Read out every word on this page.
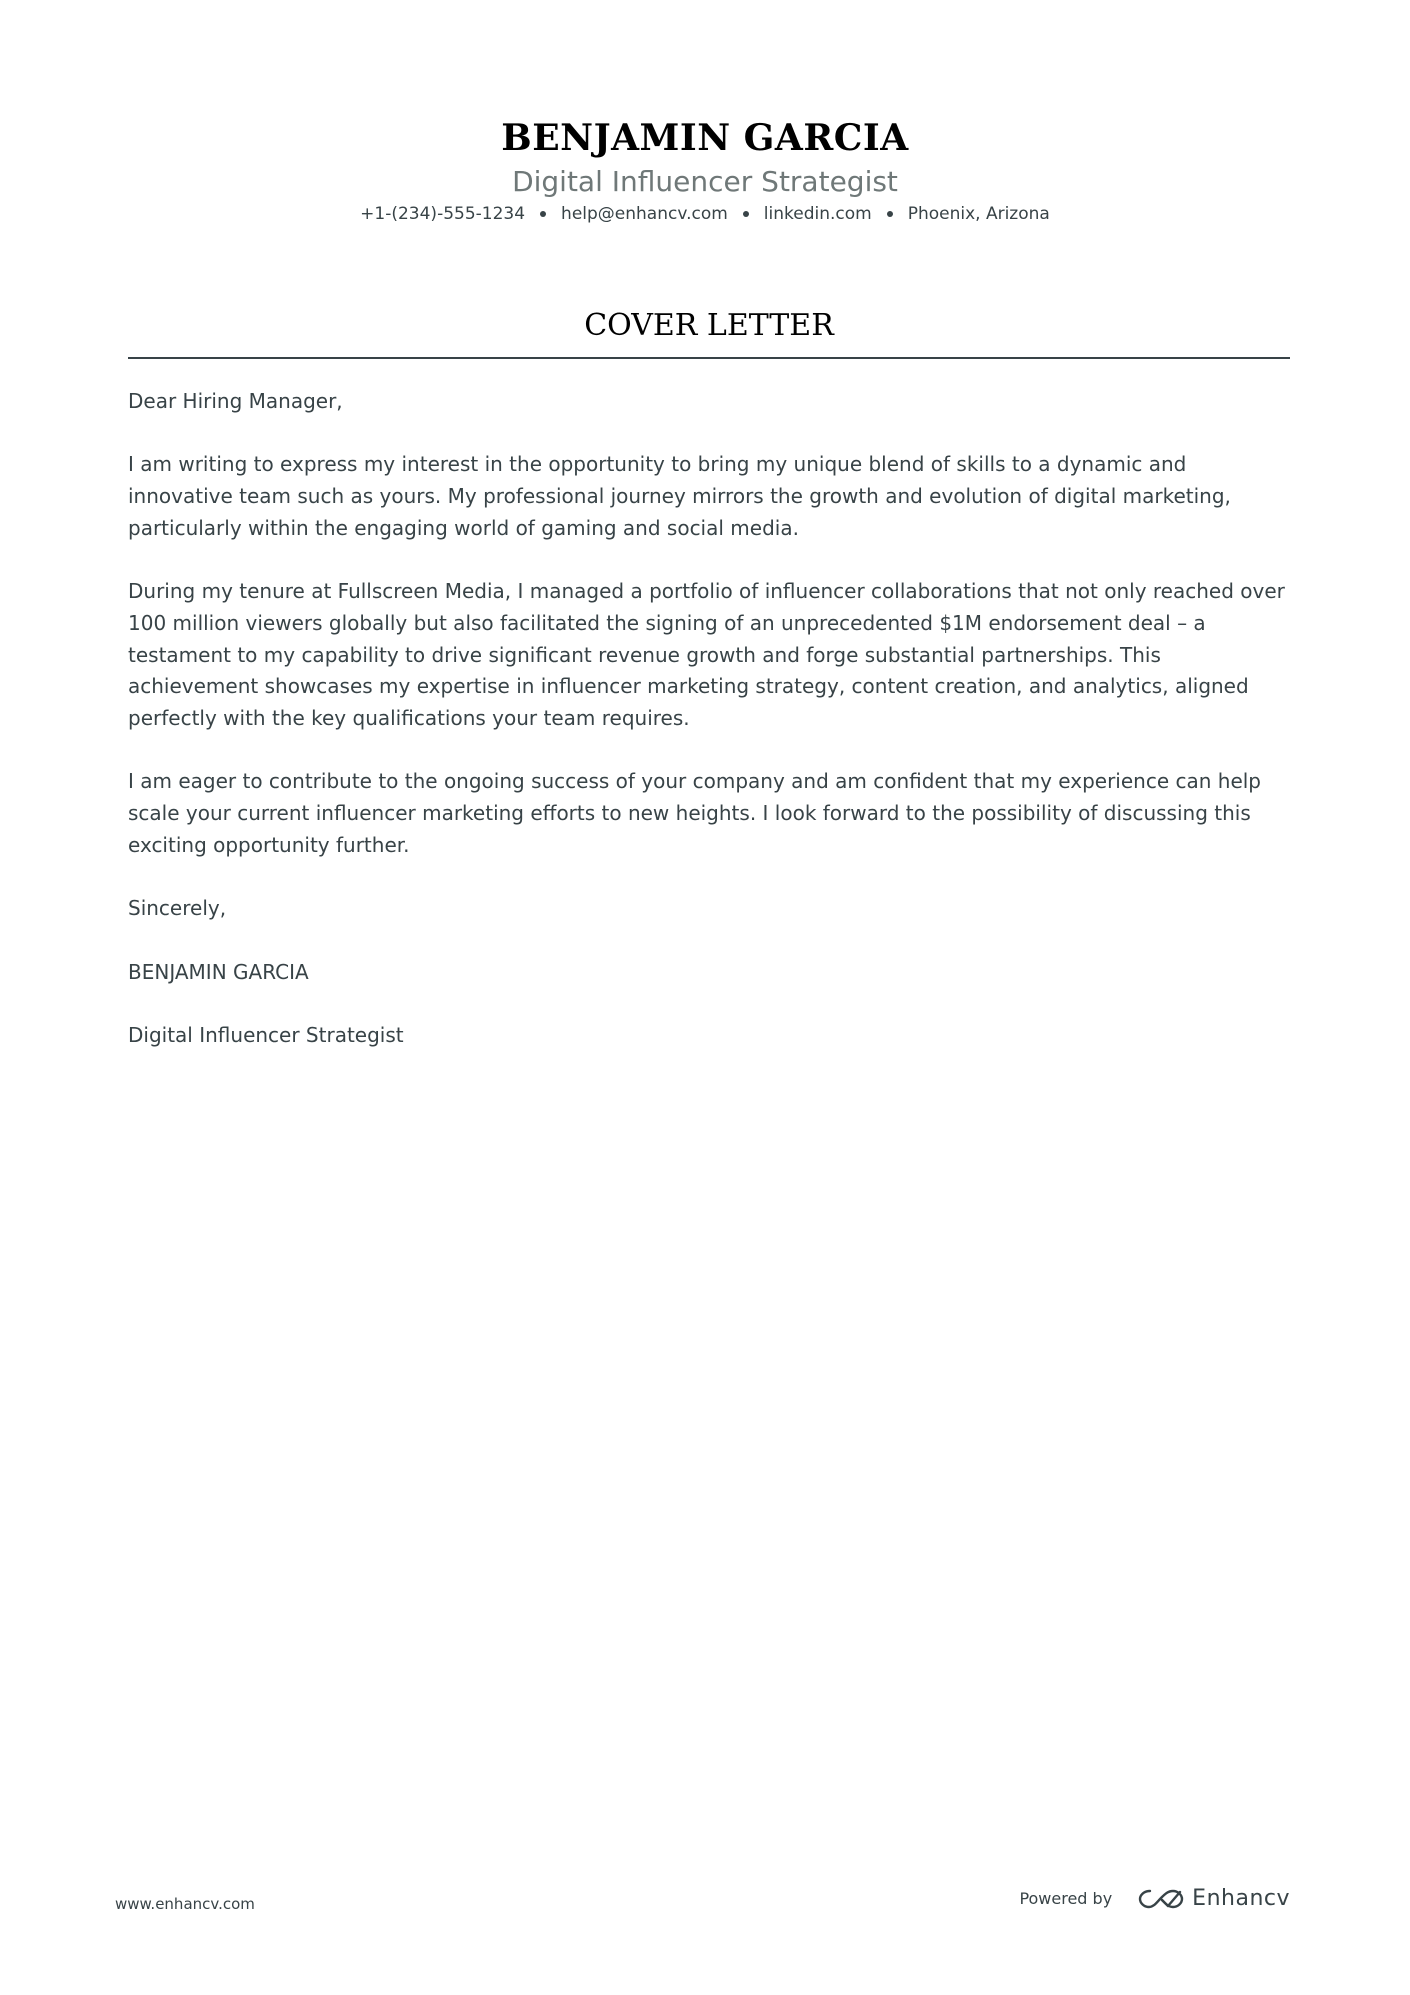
BENJAMIN GARCIA
Digital Influencer Strategist
+1-(234)-555-1234 help@enhancv.com linkedin.com Phoenix, Arizona
COVER LETTER

Dear Hiring Manager,

I am writing to express my interest in the opportunity to bring my unique blend of skills to a dynamic and innovative team such as yours. My professional journey mirrors the growth and evolution of digital marketing, particularly within the engaging world of gaming and social media.

During my tenure at Fullscreen Media, I managed a portfolio of influencer collaborations that not only reached over 100 million viewers globally but also facilitated the signing of an unprecedented $1M endorsement deal – a testament to my capability to drive significant revenue growth and forge substantial partnerships. This achievement showcases my expertise in influencer marketing strategy, content creation, and analytics, aligned perfectly with the key qualifications your team requires.

I am eager to contribute to the ongoing success of your company and am confident that my experience can help scale your current influencer marketing efforts to new heights. I look forward to the possibility of discussing this exciting opportunity further.

Sincerely,

BENJAMIN GARCIA

Digital Influencer Strategist

www.enhancv.com	Powered by	Enhancv
